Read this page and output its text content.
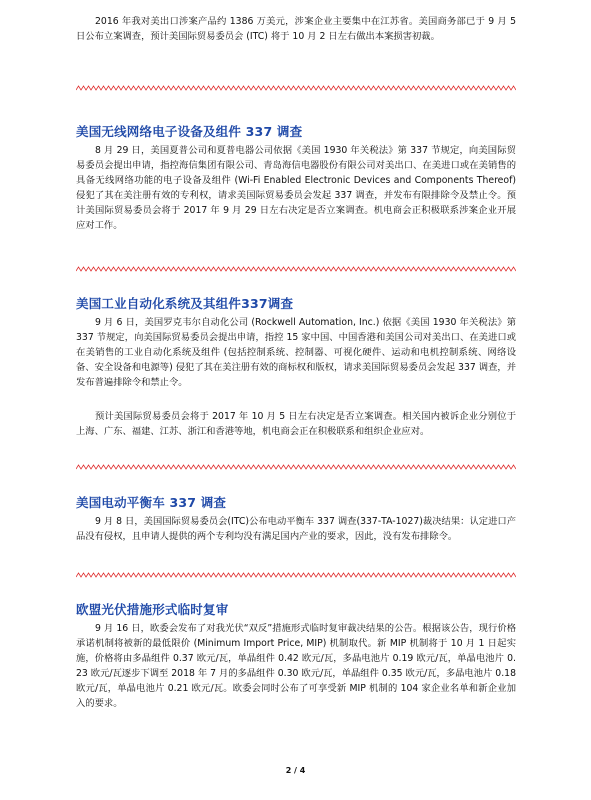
2016 年我对美出口涉案产品约 1386 万美元，涉案企业主要集中在江苏省。美国商务部已于 9 月 5 日公布立案调查，预计美国际贸易委员会 (ITC) 将于 10 月 2 日左右做出本案损害初裁。

美国无线网络电子设备及组件 337 调查

8 月 29 日，美国夏普公司和夏普电器公司依据《美国 1930 年关税法》第 337 节规定，向美国际贸易委员会提出申请，指控海信集团有限公司、青岛海信电器股份有限公司对美出口、在美进口或在美销售的具备无线网络功能的电子设备及组件 (Wi-Fi Enabled Electronic Devices and Components Thereof) 侵犯了其在美注册有效的专利权，请求美国际贸易委员会发起 337 调查，并发布有限排除令及禁止令。预计美国际贸易委员会将于 2017 年 9 月 29 日左右决定是否立案调查。机电商会正积极联系涉案企业开展应对工作。

美国工业自动化系统及其组件337调查

9 月 6 日，美国罗克韦尔自动化公司 (Rockwell Automation, Inc.) 依据《美国 1930 年关税法》第 337 节规定，向美国际贸易委员会提出申请，指控 15 家中国、中国香港和美国公司对美出口、在美进口或在美销售的工业自动化系统及组件 (包括控制系统、控制器、可视化硬件、运动和电机控制系统、网络设备、安全设备和电源等) 侵犯了其在美注册有效的商标权和版权，请求美国际贸易委员会发起 337 调查，并发布普遍排除令和禁止令。

预计美国际贸易委员会将于 2017 年 10 月 5 日左右决定是否立案调查。相关国内被诉企业分别位于上海、广东、福建、江苏、浙江和香港等地，机电商会正在积极联系和组织企业应对。

美国电动平衡车 337 调查

9 月 8 日，美国国际贸易委员会(ITC)公布电动平衡车 337 调查(337-TA-1027)裁决结果：认定进口产品没有侵权，且申请人提供的两个专利均没有满足国内产业的要求，因此，没有发布排除令。

欧盟光伏措施形式临时复审

9 月 16 日，欧委会发布了对我光伏“双反”措施形式临时复审裁决结果的公告。根据该公告，现行价格承诺机制将被新的最低限价 (Minimum Import Price, MIP) 机制取代。新 MIP 机制将于 10 月 1 日起实施，价格将由多晶组件 0.37 欧元/瓦，单晶组件 0.42 欧元/瓦，多晶电池片 0.19 欧元/瓦，单晶电池片 0.23 欧元/瓦逐步下调至 2018 年 7 月的多晶组件 0.30 欧元/瓦，单晶组件 0.35 欧元/瓦，多晶电池片 0.18 欧元/瓦，单晶电池片 0.21 欧元/瓦。欧委会同时公布了可享受新 MIP 机制的 104 家企业名单和新企业加入的要求。

2 / 4
